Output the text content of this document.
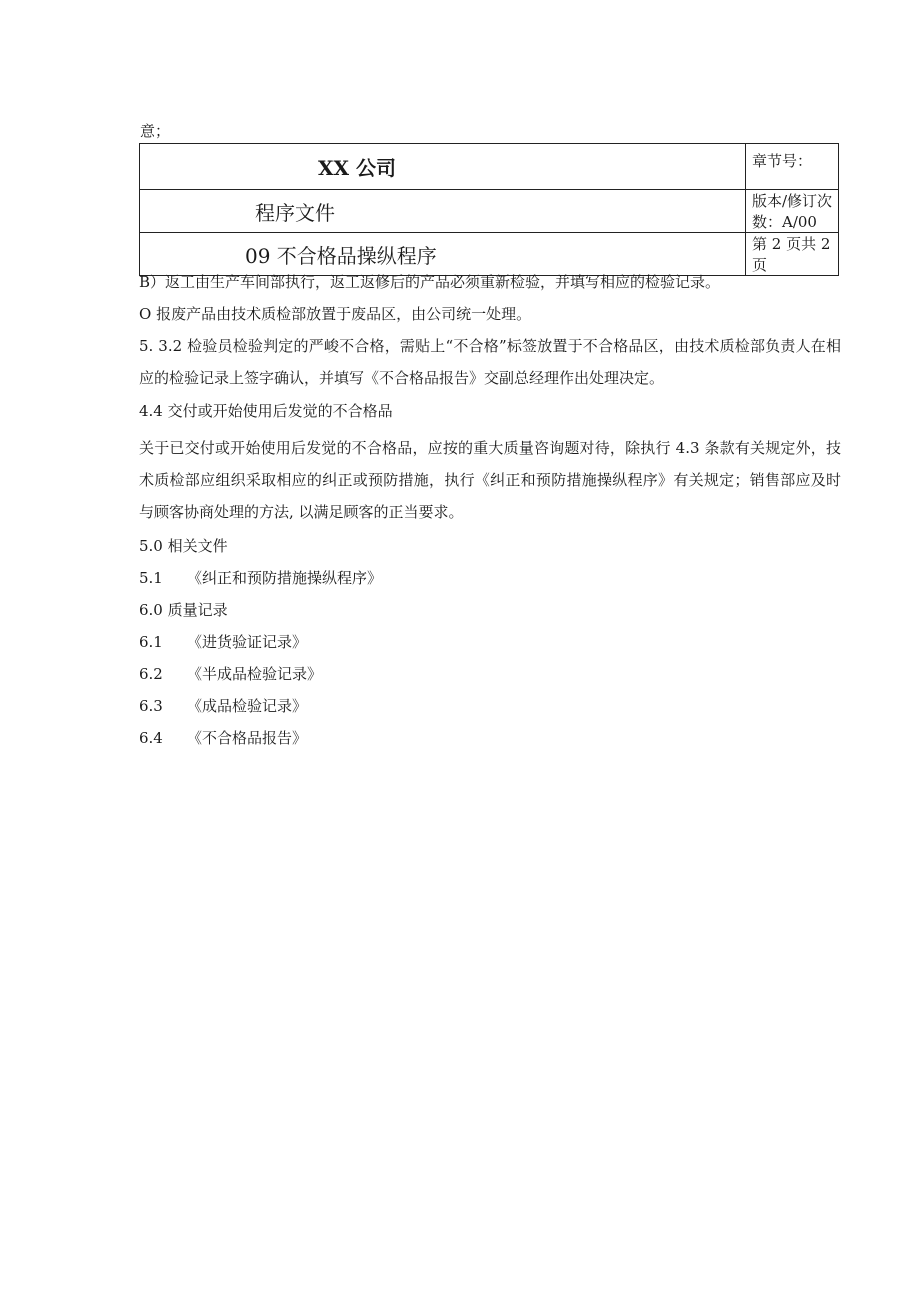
意；
XX 公司	章节号：
程序文件	版本/修订次数：A/00
09 不合格品操纵程序	第 2 页共 2 页
B）返工由生产车间部执行，返工返修后的产品必须重新检验，并填写相应的检验记录。
O 报废产品由技术质检部放置于废品区，由公司统一处理。
5. 3.2 检验员检验判定的严峻不合格，需贴上“不合格”标签放置于不合格品区，由技术质检部负责人在相应的检验记录上签字确认，并填写《不合格品报告》交副总经理作出处理决定。
4.4 交付或开始使用后发觉的不合格品
关于已交付或开始使用后发觉的不合格品，应按的重大质量咨询题对待，除执行 4.3 条款有关规定外，技术质检部应组织采取相应的纠正或预防措施，执行《纠正和预防措施操纵程序》有关规定；销售部应及时与顾客协商处理的方法, 以满足顾客的正当要求。
5.0 相关文件
5.1 《纠正和预防措施操纵程序》
6.0 质量记录
6.1 《进货验证记录》
6.2 《半成品检验记录》
6.3 《成品检验记录》
6.4 《不合格品报告》
